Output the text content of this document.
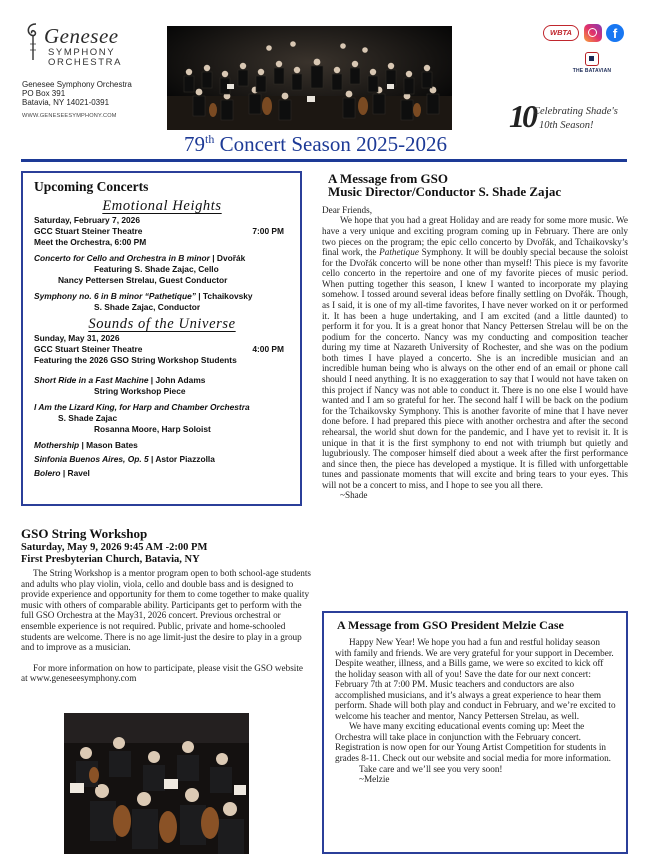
Genesee
SYMPHONY
ORCHESTRA
Genesee Symphony Orchestra
PO Box 391
Batavia, NY 14021-0391
WWW.GENESEESYMPHONY.COM
WBTA	f
THE BATAVIAN
10
Celebrating Shade's
10th Season!
79th Concert Season 2025-2026
Upcoming Concerts
Emotional Heights
Saturday, February 7, 2026
GCC Stuart Steiner Theatre	7:00 PM
Meet the Orchestra, 6:00 PM
Concerto for Cello and Orchestra in B minor | Dvořák
Featuring S. Shade Zajac, Cello
Nancy Pettersen Strelau, Guest Conductor
Symphony no. 6 in B minor “Pathetique” | Tchaikovsky
S. Shade Zajac, Conductor
Sounds of the Universe
Sunday, May 31, 2026
GCC Stuart Steiner Theatre	4:00 PM
Featuring the 2026 GSO String Workshop Students
Short Ride in a Fast Machine | John Adams
String Workshop Piece
I Am the Lizard King, for Harp and Chamber Orchestra
S. Shade Zajac
Rosanna Moore, Harp Soloist
Mothership | Mason Bates
Sinfonia Buenos Aires, Op. 5 | Astor Piazzolla
Bolero | Ravel
GSO String Workshop
Saturday, May 9, 2026 9:45 AM -2:00 PM
First Presbyterian Church, Batavia, NY

The String Workshop is a mentor program open to both school-age students and adults who play violin, viola, cello and double bass and is designed to provide experience and opportunity for them to come together to make quality music with others of comparable ability. Participants get to perform with the full GSO Orchestra at the May31, 2026 concert. Previous orchestral or ensemble experience is not required. Public, private and home-schooled students are welcome. There is no age limit-just the desire to play in a group and to improve as a musician.

For more information on how to participate, please visit the GSO website at www.geneseesymphony.com

A Message from GSO
Music Director/Conductor S. Shade Zajac
Dear Friends,

We hope that you had a great Holiday and are ready for some more music. We have a very unique and exciting program coming up in February. There are only two pieces on the program; the epic cello concerto by Dvořák, and Tchaikovsky’s final work, the Pathetique Symphony. It will be doubly special because the soloist for the Dvořák concerto will be none other than myself! This piece is my favorite cello concerto in the repertoire and one of my favorite pieces of music period. When putting together this season, I knew I wanted to incorporate my playing somehow. I tossed around several ideas before finally settling on Dvořák. Though, as I said, it is one of my all-time favorites, I have never worked on it or performed it. It has been a huge undertaking, and I am excited (and a little daunted) to perform it for you. It is a great honor that Nancy Pettersen Strelau will be on the podium for the concerto. Nancy was my conducting and composition teacher during my time at Nazareth University of Rochester, and she was on the podium both times I have played a concerto. She is an incredible musician and an incredible human being who is always on the other end of an email or phone call should I need anything. It is no exaggeration to say that I would not have taken on this project if Nancy was not able to conduct it. There is no one else I would have wanted and I am so grateful for her. The second half I will be back on the podium for the Tchaikovsky Symphony. This is another favorite of mine that I have never done before. I had prepared this piece with another orchestra and after the second rehearsal, the world shut down for the pandemic, and I have yet to revisit it. It is unique in that it is the first symphony to end not with triumph but quietly and lugubriously. The composer himself died about a week after the first performance and since then, the piece has developed a mystique. It is filled with unforgettable tunes and passionate moments that will excite and bring tears to your eyes. This will not be a concert to miss, and I hope to see you all there.

~Shade
A Message from GSO President Melzie Case

Happy New Year! We hope you had a fun and restful holiday season with family and friends. We are very grateful for your support in December. Despite weather, illness, and a Bills game, we were so excited to kick off the holiday season with all of you! Save the date for our next concert: February 7th at 7:00 PM. Music teachers and conductors are also accomplished musicians, and it’s always a great experience to hear them perform. Shade will both play and conduct in February, and we’re excited to welcome his teacher and mentor, Nancy Pettersen Strelau, as well.

We have many exciting educational events coming up: Meet the Orchestra will take place in conjunction with the February concert. Registration is now open for our Young Artist Competition for students in grades 8-11. Check out our website and social media for more information.

Take care and we’ll see you very soon!
~Melzie
